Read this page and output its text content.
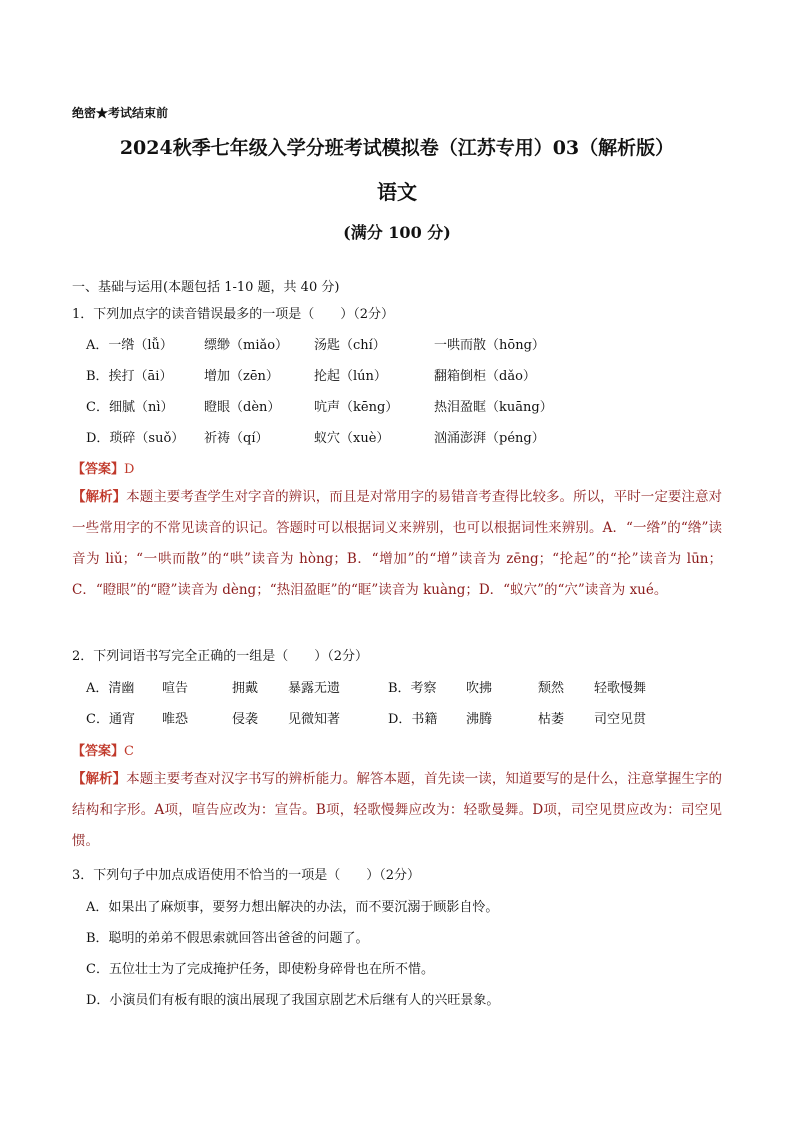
绝密★考试结束前
2024秋季七年级入学分班考试模拟卷（江苏专用）03（解析版）
语文
(满分 100 分)
一、基础与运用(本题包括 1-10 题，共 40 分)
1．下列加点字的读音错误最多的一项是（　　）（2分）
A．一绺（lǚ）	缥缈（miǎo）	汤匙（chí）	一哄而散（hōng）
B．挨打（āi）	增加（zēn）	抡起（lún）	翻箱倒柜（dǎo）
C．细腻（nì）	瞪眼（dèn）	吭声（kēng）	热泪盈眶（kuāng）
D．琐碎（suǒ）	祈祷（qí）	蚁穴（xuè）	汹涌澎湃（péng）
【答案】D
【解析】本题主要考查学生对字音的辨识，而且是对常用字的易错音考查得比较多。所以，平时一定要注意对一些常用字的不常见读音的识记。答题时可以根据词义来辨别，也可以根据词性来辨别。A．“一绺”的“绺”读音为 liǔ；“一哄而散”的“哄”读音为 hòng；B．“增加”的“增”读音为 zēng；“抡起”的“抡”读音为 lūn；C．“瞪眼”的“瞪”读音为 dèng；“热泪盈眶”的“眶”读音为 kuàng；D．“蚁穴”的“穴”读音为 xué。
2．下列词语书写完全正确的一组是（　　）（2分）
A．清幽	喧告	拥戴	暴露无遗	B．考察	吹拂	颓然	轻歌慢舞
C．通宵	唯恐	侵袭	见微知著	D．书籍	沸腾	枯萎	司空见贯
【答案】C
【解析】本题主要考查对汉字书写的辨析能力。解答本题，首先读一读，知道要写的是什么，注意掌握生字的结构和字形。A项，喧告应改为：宣告。B项，轻歌慢舞应改为：轻歌曼舞。D项，司空见贯应改为：司空见惯。
3．下列句子中加点成语使用不恰当的一项是（　　）（2分）
A．如果出了麻烦事，要努力想出解决的办法，而不要沉溺于顾影自怜。
B．聪明的弟弟不假思索就回答出爸爸的问题了。
C．五位壮士为了完成掩护任务，即使粉身碎骨也在所不惜。
D．小演员们有板有眼的演出展现了我国京剧艺术后继有人的兴旺景象。
